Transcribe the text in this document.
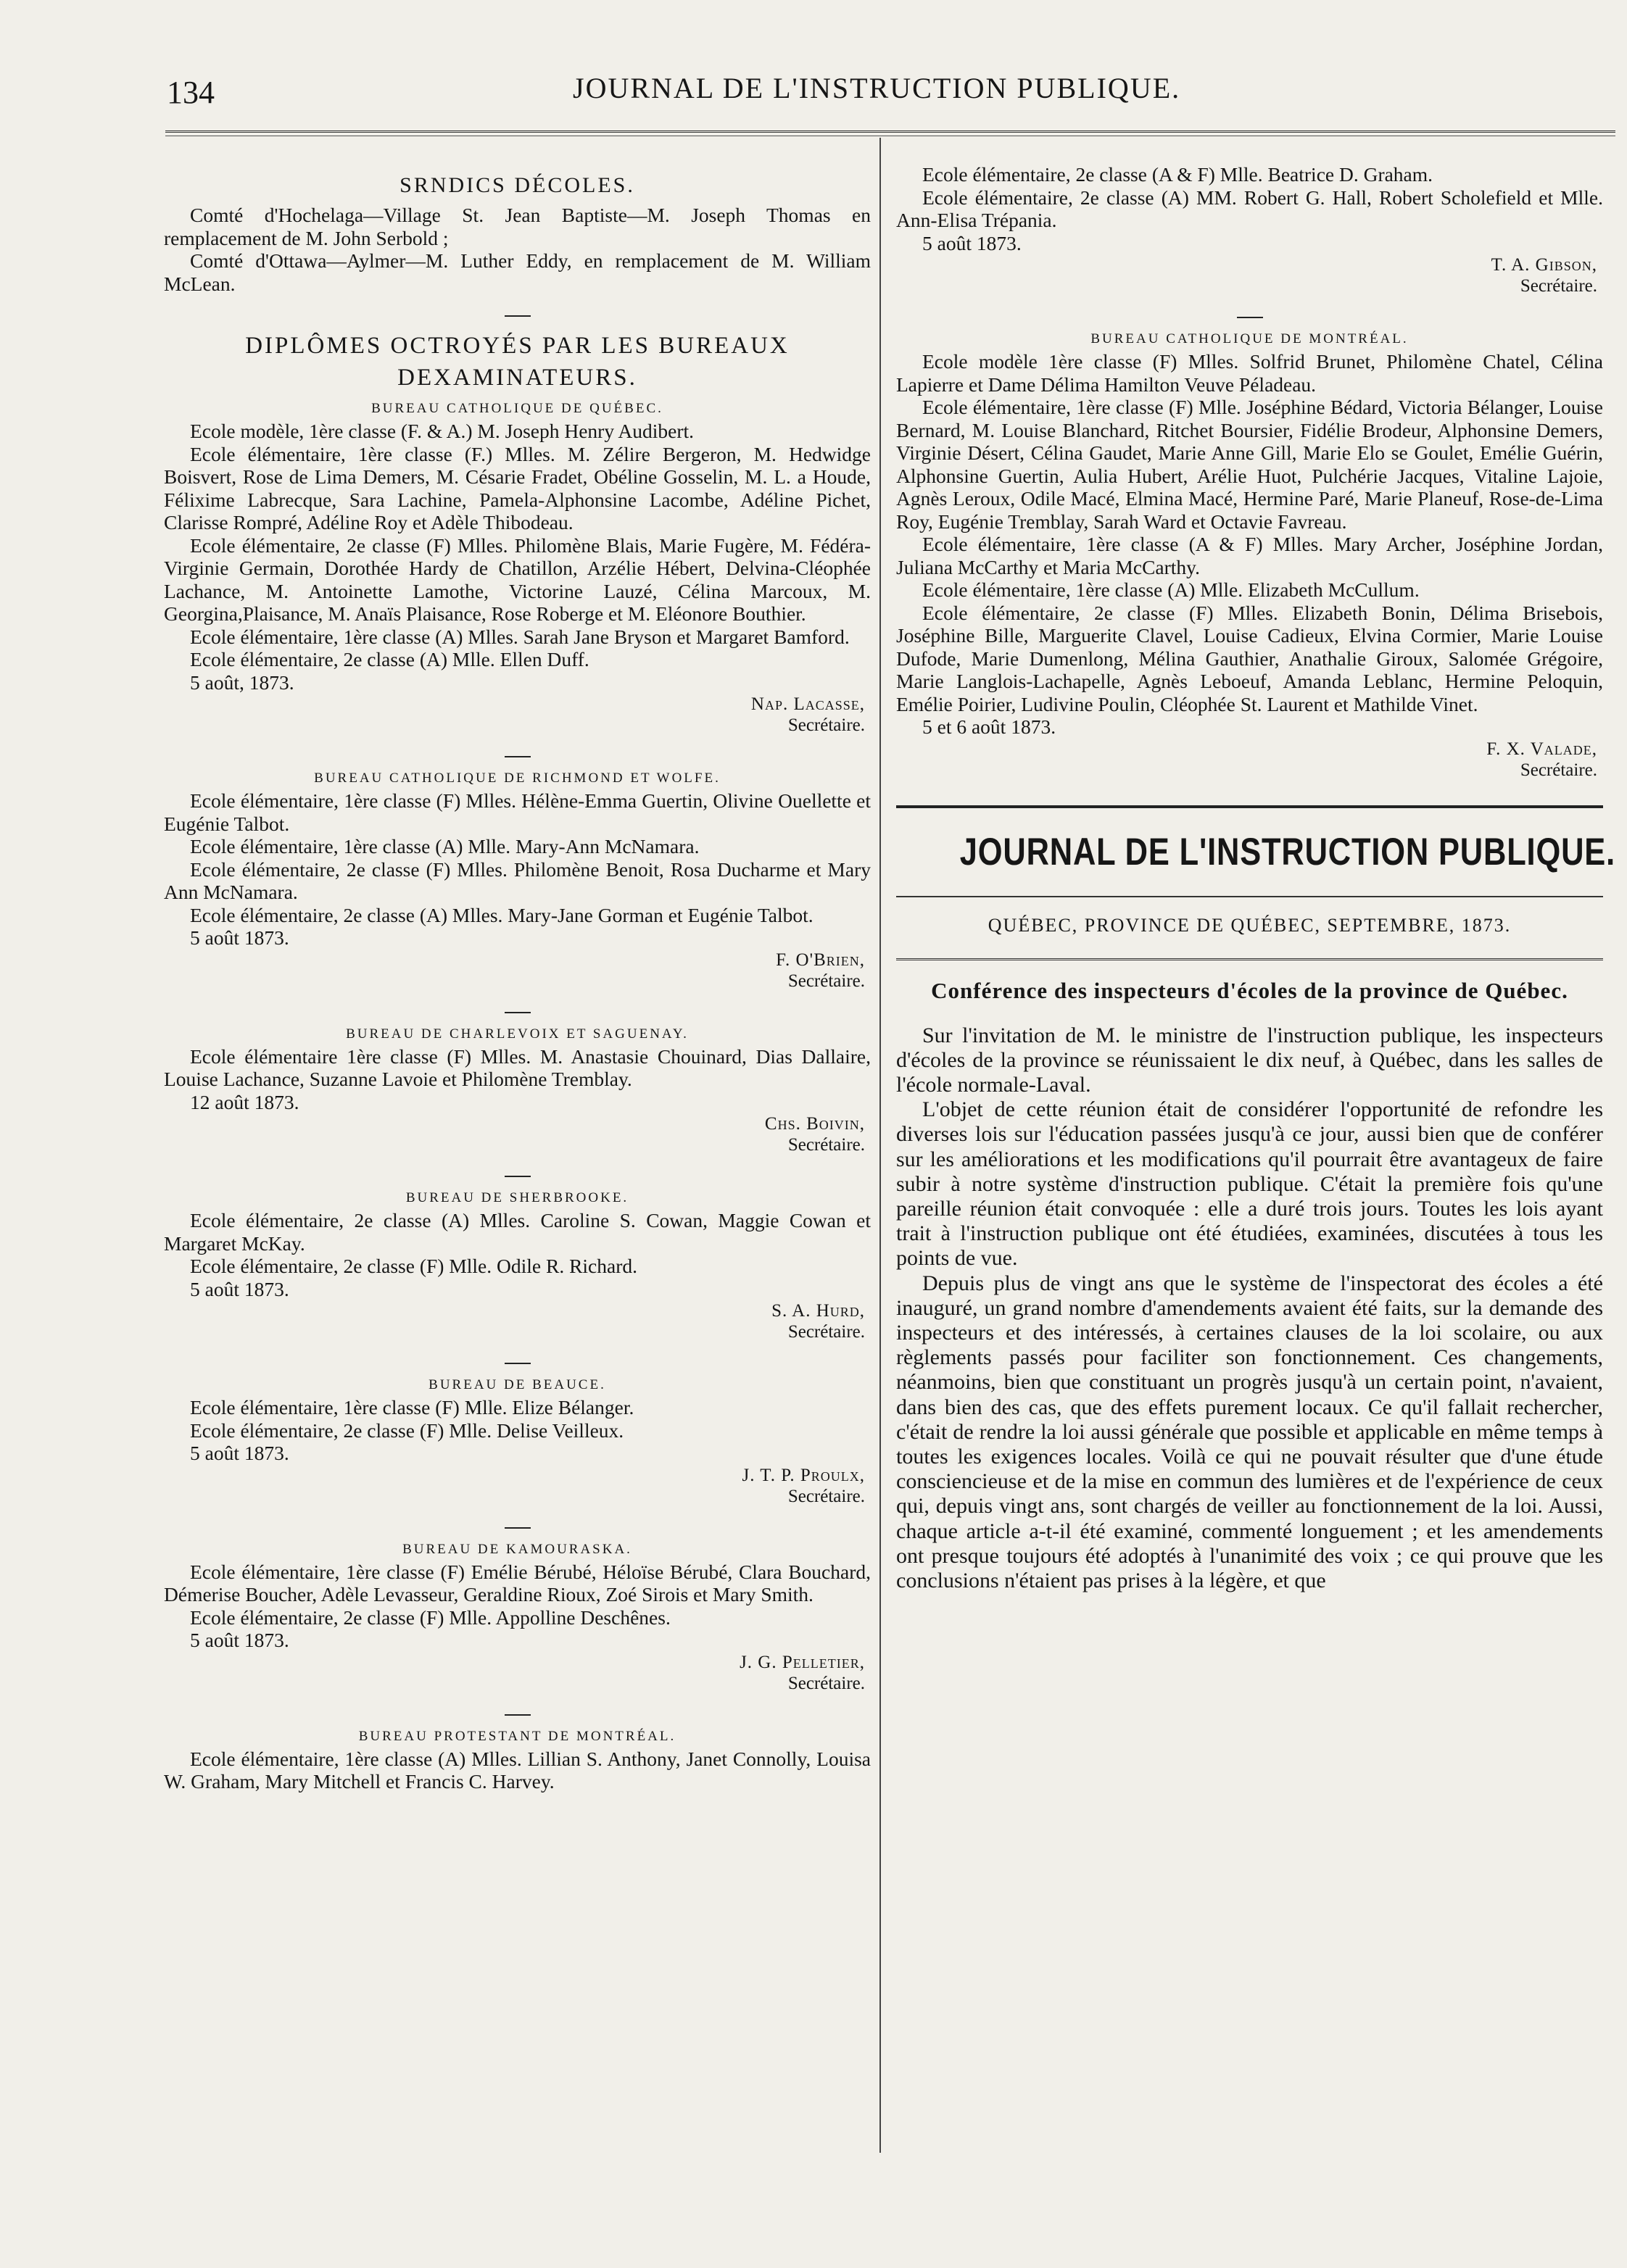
134	JOURNAL DE L'INSTRUCTION PUBLIQUE.
SRNDICS DÉCOLES.

Comté d'Hochelaga—Village St. Jean Baptiste—M. Joseph Thomas en remplacement de M. John Serbold ;

Comté d'Ottawa—Aylmer—M. Luther Eddy, en remplacement de M. William McLean.

DIPLÔMES OCTROYÉS PAR LES BUREAUX
DEXAMINATEURS.
BUREAU CATHOLIQUE DE QUÉBEC.

Ecole modèle, 1ère classe (F. & A.) M. Joseph Henry Audibert.

Ecole élémentaire, 1ère classe (F.) Mlles. M. Zélire Bergeron, M. Hedwidge Boisvert, Rose de Lima Demers, M. Césarie Fradet, Obéline Gosselin, M. L. a Houde, Félixime Labrecque, Sara Lachine, Pamela-Alphonsine Lacombe, Adéline Pichet, Clarisse Rompré, Adéline Roy et Adèle Thibodeau.

Ecole élémentaire, 2e classe (F) Mlles. Philomène Blais, Marie Fugère, M. Fédéra-Virginie Germain, Dorothée Hardy de Chatillon, Arzélie Hébert, Delvina-Cléophée Lachance, M. Antoinette Lamothe, Victorine Lauzé, Célina Marcoux, M. Georgina,Plaisance, M. Anaïs Plaisance, Rose Roberge et M. Eléonore Bouthier.

Ecole élémentaire, 1ère classe (A) Mlles. Sarah Jane Bryson et Margaret Bamford.

Ecole élémentaire, 2e classe (A) Mlle. Ellen Duff.

5 août, 1873.

Nap. Lacasse,
Secrétaire.
BUREAU CATHOLIQUE DE RICHMOND ET WOLFE.

Ecole élémentaire, 1ère classe (F) Mlles. Hélène-Emma Guertin, Olivine Ouellette et Eugénie Talbot.

Ecole élémentaire, 1ère classe (A) Mlle. Mary-Ann McNamara.

Ecole élémentaire, 2e classe (F) Mlles. Philomène Benoit, Rosa Ducharme et Mary Ann McNamara.

Ecole élémentaire, 2e classe (A) Mlles. Mary-Jane Gorman et Eugénie Talbot.

5 août 1873.

F. O'Brien,
Secrétaire.
BUREAU DE CHARLEVOIX ET SAGUENAY.

Ecole élémentaire 1ère classe (F) Mlles. M. Anastasie Chouinard, Dias Dallaire, Louise Lachance, Suzanne Lavoie et Philomène Tremblay.

12 août 1873.

Chs. Boivin,
Secrétaire.
BUREAU DE SHERBROOKE.

Ecole élémentaire, 2e classe (A) Mlles. Caroline S. Cowan, Maggie Cowan et Margaret McKay.

Ecole élémentaire, 2e classe (F) Mlle. Odile R. Richard.

5 août 1873.

S. A. Hurd,
Secrétaire.
BUREAU DE BEAUCE.

Ecole élémentaire, 1ère classe (F) Mlle. Elize Bélanger.

Ecole élémentaire, 2e classe (F) Mlle. Delise Veilleux.

5 août 1873.

J. T. P. Proulx,
Secrétaire.
BUREAU DE KAMOURASKA.

Ecole élémentaire, 1ère classe (F) Emélie Bérubé, Héloïse Bérubé, Clara Bouchard, Démerise Boucher, Adèle Levasseur, Geraldine Rioux, Zoé Sirois et Mary Smith.

Ecole élémentaire, 2e classe (F) Mlle. Appolline Deschênes.

5 août 1873.

J. G. Pelletier,
Secrétaire.
BUREAU PROTESTANT DE MONTRÉAL.

Ecole élémentaire, 1ère classe (A) Mlles. Lillian S. Anthony, Janet Connolly, Louisa W. Graham, Mary Mitchell et Francis C. Harvey.

Ecole élémentaire, 2e classe (A & F) Mlle. Beatrice D. Graham.

Ecole élémentaire, 2e classe (A) MM. Robert G. Hall, Robert Scholefield et Mlle. Ann-Elisa Trépania.

5 août 1873.

T. A. Gibson,
Secrétaire.
BUREAU CATHOLIQUE DE MONTRÉAL.

Ecole modèle 1ère classe (F) Mlles. Solfrid Brunet, Philomène Chatel, Célina Lapierre et Dame Délima Hamilton Veuve Péladeau.

Ecole élémentaire, 1ère classe (F) Mlle. Joséphine Bédard, Victoria Bélanger, Louise Bernard, M. Louise Blanchard, Ritchet Boursier, Fidélie Brodeur, Alphonsine Demers, Virginie Désert, Célina Gaudet, Marie Anne Gill, Marie Elo se Goulet, Emélie Guérin, Alphonsine Guertin, Aulia Hubert, Arélie Huot, Pulchérie Jacques, Vitaline Lajoie, Agnès Leroux, Odile Macé, Elmina Macé, Hermine Paré, Marie Planeuf, Rose-de-Lima Roy, Eugénie Tremblay, Sarah Ward et Octavie Favreau.

Ecole élémentaire, 1ère classe (A & F) Mlles. Mary Archer, Joséphine Jordan, Juliana McCarthy et Maria McCarthy.

Ecole élémentaire, 1ère classe (A) Mlle. Elizabeth McCullum.

Ecole élémentaire, 2e classe (F) Mlles. Elizabeth Bonin, Délima Brisebois, Joséphine Bille, Marguerite Clavel, Louise Cadieux, Elvina Cormier, Marie Louise Dufode, Marie Dumenlong, Mélina Gauthier, Anathalie Giroux, Salomée Grégoire, Marie Langlois-Lachapelle, Agnès Leboeuf, Amanda Leblanc, Hermine Peloquin, Emélie Poirier, Ludivine Poulin, Cléophée St. Laurent et Mathilde Vinet.

5 et 6 août 1873.

F. X. Valade,
Secrétaire.
JOURNAL DE L'INSTRUCTION PUBLIQUE.
QUÉBEC, PROVINCE DE QUÉBEC, SEPTEMBRE, 1873.
Conférence des inspecteurs d'écoles de la province de Québec.

Sur l'invitation de M. le ministre de l'instruction publique, les inspecteurs d'écoles de la province se réunissaient le dix neuf, à Québec, dans les salles de l'école normale-Laval.

L'objet de cette réunion était de considérer l'opportunité de refondre les diverses lois sur l'éducation passées jusqu'à ce jour, aussi bien que de conférer sur les améliorations et les modifications qu'il pourrait être avantageux de faire subir à notre système d'instruction publique. C'était la première fois qu'une pareille réunion était convoquée : elle a duré trois jours. Toutes les lois ayant trait à l'instruction publique ont été étudiées, examinées, discutées à tous les points de vue.

Depuis plus de vingt ans que le système de l'inspectorat des écoles a été inauguré, un grand nombre d'amendements avaient été faits, sur la demande des inspecteurs et des intéressés, à certaines clauses de la loi scolaire, ou aux règlements passés pour faciliter son fonctionnement. Ces changements, néanmoins, bien que constituant un progrès jusqu'à un certain point, n'avaient, dans bien des cas, que des effets purement locaux. Ce qu'il fallait rechercher, c'était de rendre la loi aussi générale que possible et applicable en même temps à toutes les exigences locales. Voilà ce qui ne pouvait résulter que d'une étude consciencieuse et de la mise en commun des lumières et de l'expérience de ceux qui, depuis vingt ans, sont chargés de veiller au fonctionnement de la loi. Aussi, chaque article a-t-il été examiné, commenté longuement ; et les amendements ont presque toujours été adoptés à l'unanimité des voix ; ce qui prouve que les conclusions n'étaient pas prises à la légère, et que
